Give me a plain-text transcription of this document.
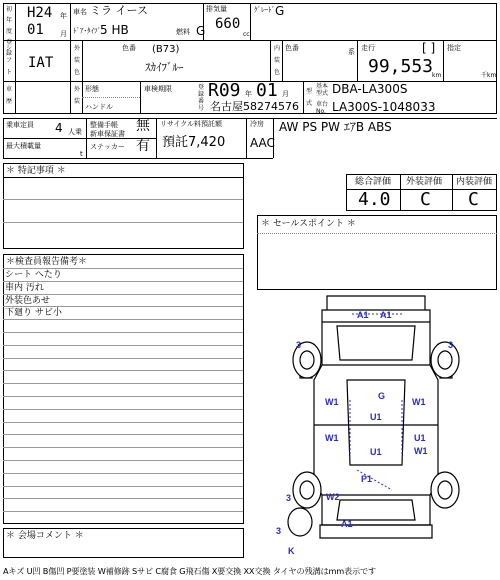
初年度登録
H24 年
01 月
車名 ミラ イース
ﾄﾞｱ･ﾀｲﾌﾟ 5 HB	燃料 G
排気量
660
cc
ｸﾞﾚｰﾄﾞ G
シフト
IAT
外装色
色番 (B73)
ｽｶｲﾌﾞﾙｰ
内装色
色番	系 走行	[ ]
99,553
km
指定
千km
車歴
外装
形態
ハンドル
車検期限 R09 年 01 月
登録番号 名古屋58274576
型式
基本型式 DBA-LA300S
車台No. LA300S-1048033
乗車定員 4 人乗
最大積載量
t
整備手帳
新車保証書 無
ステッカー 有
リサイクル料預託額
預託7,420
冷房
AAC
AW PS PW ｴｱB ABS
＊ 特記事項 ＊
＊検査員報告備考＊
シート へたり
車内 汚れ
外装色あせ
下廻り サビ小
＊ 会場コメント ＊
総合評価 外装評価 内装評価
4.0 C C
＊ セールスポイント ＊
A1 A1
G
3	3
W1
W1
U1
W1
U1
U1	W1
P1
3	W2
3
A1
K
Aキズ U凹 B傷凹 P要塗装 W補修跡 Sサビ C腐食 G飛石傷 X要交換 XX交換 タイヤの残溝はmm表示です
